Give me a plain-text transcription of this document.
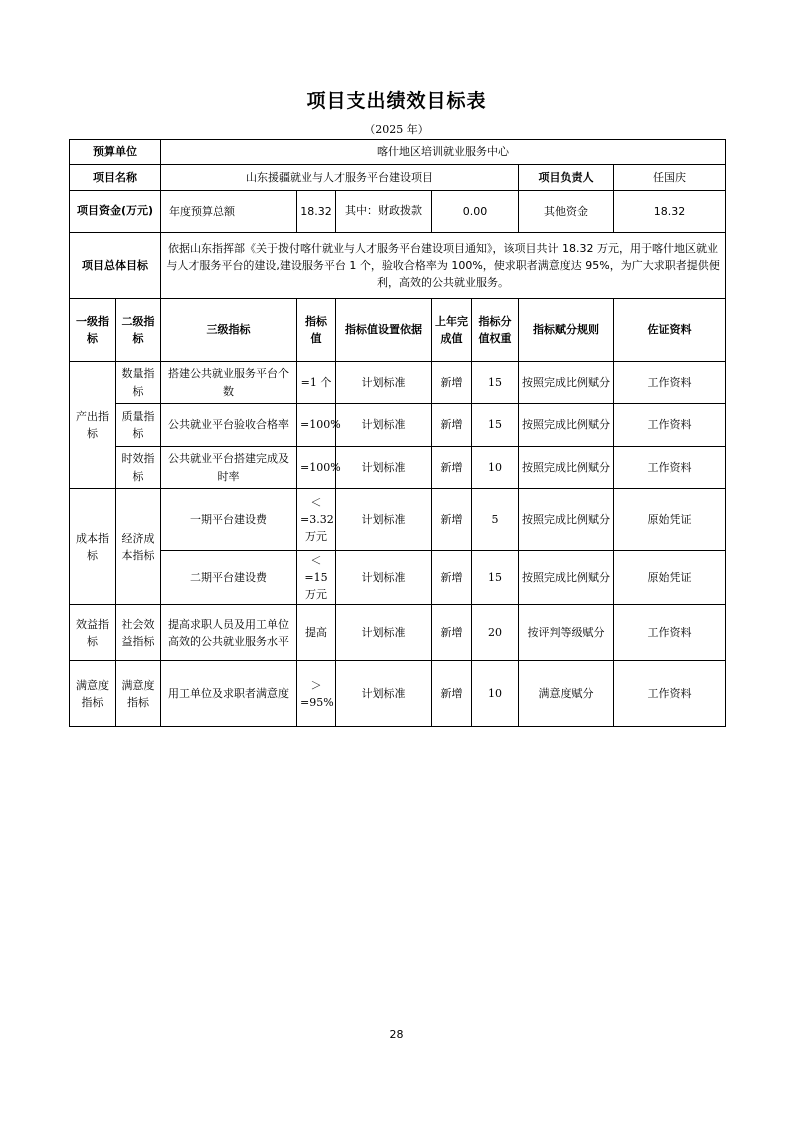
项目支出绩效目标表
（2025 年）
预算单位		喀什地区培训就业服务中心						
项目名称		山东援疆就业与人才服务平台建设项目					项目负责人	任国庆
项目资金(万元)		年度预算总额	18.32	其中：财政拨款	0.00		其他资金	18.32
项目总体目标		依据山东指挥部《关于拨付喀什就业与人才服务平台建设项目通知》，该项目共计 18.32 万元，用于喀什地区就业与人才服务平台的建设,建设服务平台 1 个，验收合格率为 100%，使求职者满意度达 95%，为广大求职者提供便利，高效的公共就业服务。						
一级指标	二级指标	三级指标	指标值	指标值设置依据	上年完成值	指标分值权重	指标赋分规则	佐证资料
产出指标	数量指标	搭建公共就业服务平台个数	=1 个	计划标准	新增	15	按照完成比例赋分	工作资料
	质量指标	公共就业平台验收合格率	=100%	计划标准	新增	15	按照完成比例赋分	工作资料
	时效指标	公共就业平台搭建完成及时率	=100%	计划标准	新增	10	按照完成比例赋分	工作资料
成本指标	经济成本指标	一期平台建设费	＜=3.32 万元	计划标准	新增	5	按照完成比例赋分	原始凭证
		二期平台建设费	＜=15 万元	计划标准	新增	15	按照完成比例赋分	原始凭证
效益指标	社会效益指标	提高求职人员及用工单位高效的公共就业服务水平	提高	计划标准	新增	20	按评判等级赋分	工作资料
满意度指标	满意度指标	用工单位及求职者满意度	＞=95%	计划标准	新增	10	满意度赋分	工作资料
28
